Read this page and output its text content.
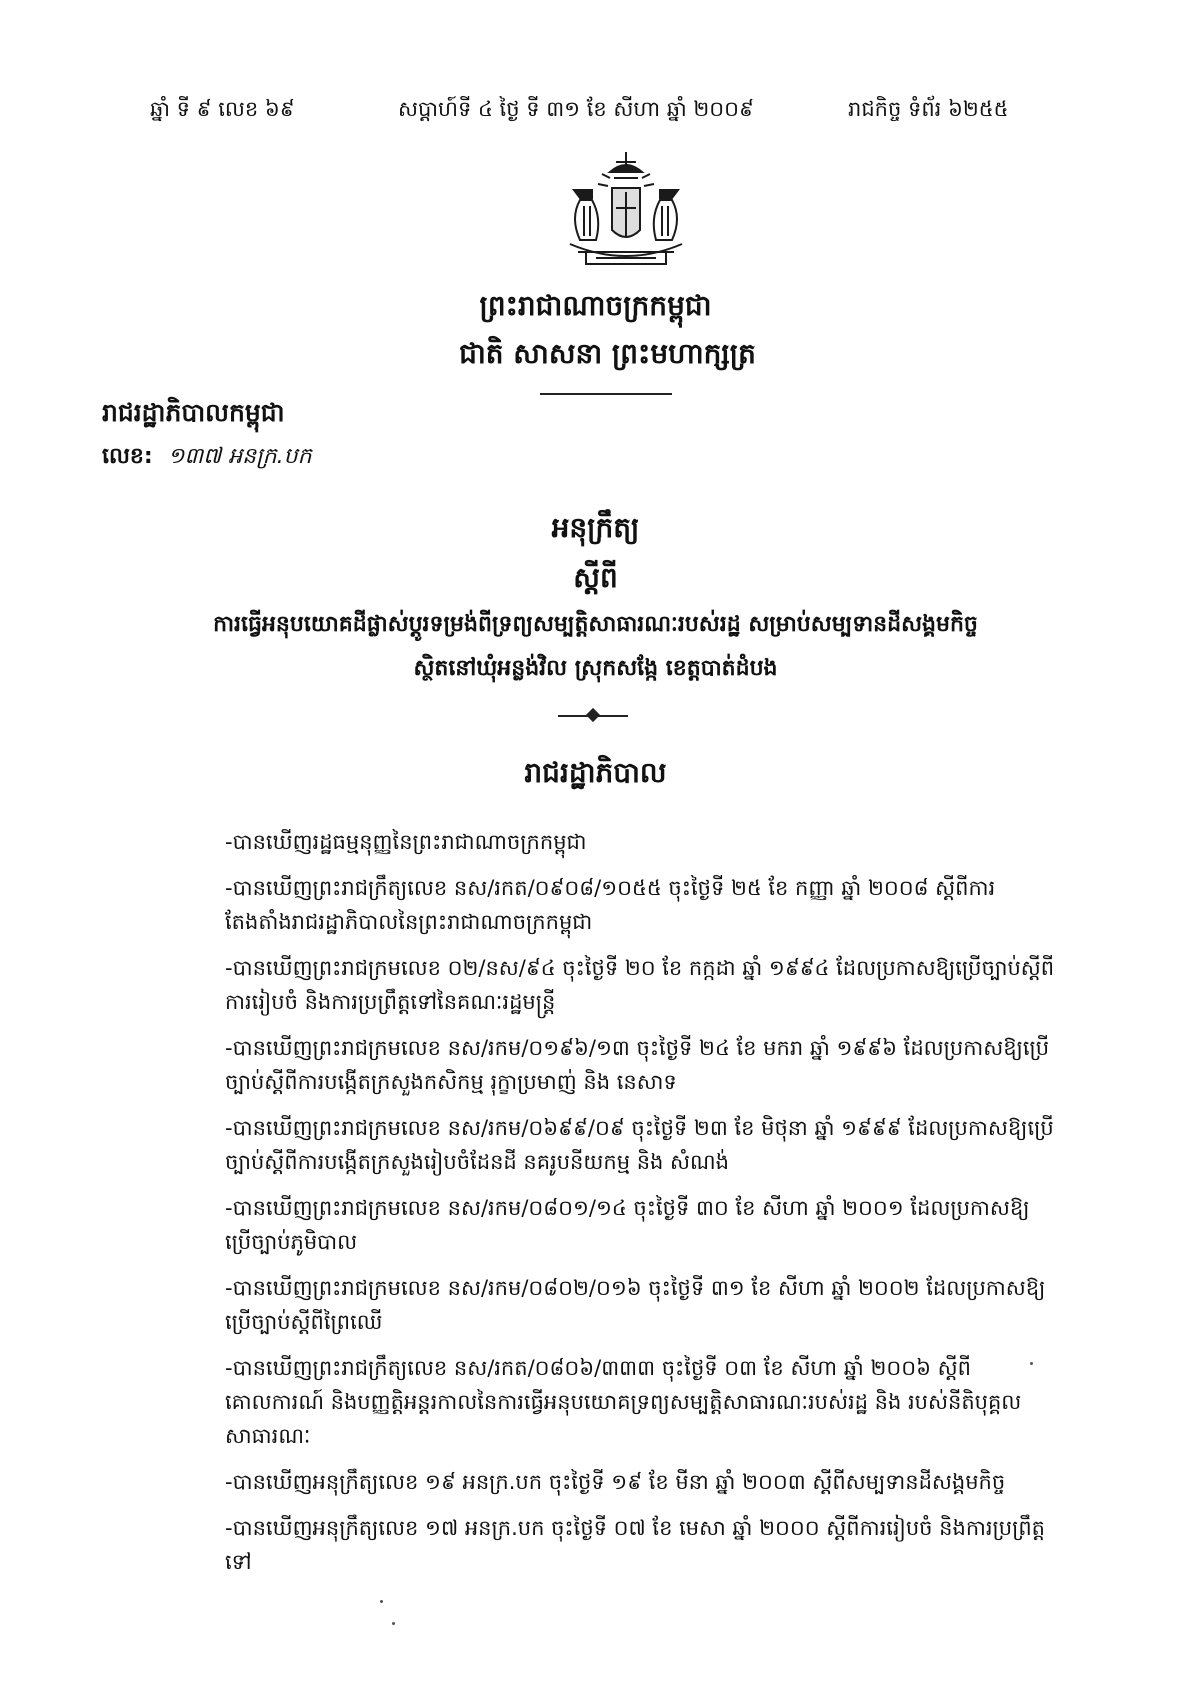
ឆ្នាំ ទី ៩ លេខ ៦៩	សប្តាហ៍ទី ៤ ថ្ងៃ ទី ៣១ ខែ សីហា ឆ្នាំ ២០០៩	រាជកិច្ច ទំព័រ ៦២៥៥
ព្រះរាជាណាចក្រកម្ពុជា
ជាតិ សាសនា ព្រះមហាក្សត្រ
រាជរដ្ឋាភិបាលកម្ពុជា
លេខ: ១៣៧ អនក្រ.បក
អនុក្រឹត្យ
ស្តីពី
ការធ្វើអនុបយោគដីផ្លាស់ប្តូរទម្រង់ពីទ្រព្យសម្បត្តិសាធារណៈរបស់រដ្ឋ សម្រាប់សម្បទានដីសង្គមកិច្ច
ស្ថិតនៅឃុំអន្លង់វិល ស្រុកសង្កែ ខេត្តបាត់ដំបង
រាជរដ្ឋាភិបាល
-បានឃើញរដ្ឋធម្មនុញ្ញនៃព្រះរាជាណាចក្រកម្ពុជា
-បានឃើញព្រះរាជក្រឹត្យលេខ នស/រកត/០៩០៨/១០៥៥ ចុះថ្ងៃទី ២៥ ខែ កញ្ញា ឆ្នាំ ២០០៨ ស្តីពីការតែងតាំងរាជរដ្ឋាភិបាលនៃព្រះរាជាណាចក្រកម្ពុជា
-បានឃើញព្រះរាជក្រមលេខ ០២/នស/៩៤ ចុះថ្ងៃទី ២០ ខែ កក្កដា ឆ្នាំ ១៩៩៤ ដែលប្រកាសឱ្យប្រើច្បាប់ស្តីពីការរៀបចំ និងការប្រព្រឹត្តទៅនៃគណៈរដ្ឋមន្ត្រី
-បានឃើញព្រះរាជក្រមលេខ នស/រកម/០១៩៦/១៣ ចុះថ្ងៃទី ២៤ ខែ មករា ឆ្នាំ ១៩៩៦ ដែលប្រកាសឱ្យប្រើច្បាប់ស្តីពីការបង្កើតក្រសួងកសិកម្ម រុក្ខាប្រមាញ់ និង នេសាទ
-បានឃើញព្រះរាជក្រមលេខ នស/រកម/០៦៩៩/០៩ ចុះថ្ងៃទី ២៣ ខែ មិថុនា ឆ្នាំ ១៩៩៩ ដែលប្រកាសឱ្យប្រើច្បាប់ស្តីពីការបង្កើតក្រសួងរៀបចំដែនដី នគរូបនីយកម្ម និង សំណង់
-បានឃើញព្រះរាជក្រមលេខ នស/រកម/០៨០១/១៤ ចុះថ្ងៃទី ៣០ ខែ សីហា ឆ្នាំ ២០០១ ដែលប្រកាសឱ្យប្រើច្បាប់ភូមិបាល
-បានឃើញព្រះរាជក្រមលេខ នស/រកម/០៨០២/០១៦ ចុះថ្ងៃទី ៣១ ខែ សីហា ឆ្នាំ ២០០២ ដែលប្រកាសឱ្យប្រើច្បាប់ស្តីពីព្រៃឈើ
-បានឃើញព្រះរាជក្រឹត្យលេខ នស/រកត/០៨០៦/៣៣៣ ចុះថ្ងៃទី ០៣ ខែ សីហា ឆ្នាំ ២០០៦ ស្តីពីគោលការណ៍ និងបញ្ញត្តិអន្តរកាលនៃការធ្វើអនុបយោគទ្រព្យសម្បត្តិសាធារណៈរបស់រដ្ឋ និង របស់នីតិបុគ្គលសាធារណៈ
-បានឃើញអនុក្រឹត្យលេខ ១៩ អនក្រ.បក ចុះថ្ងៃទី ១៩ ខែ មីនា ឆ្នាំ ២០០៣ ស្តីពីសម្បទានដីសង្គមកិច្ច
-បានឃើញអនុក្រឹត្យលេខ ១៧ អនក្រ.បក ចុះថ្ងៃទី ០៧ ខែ មេសា ឆ្នាំ ២០០០ ស្តីពីការរៀបចំ និងការប្រព្រឹត្តទៅ
